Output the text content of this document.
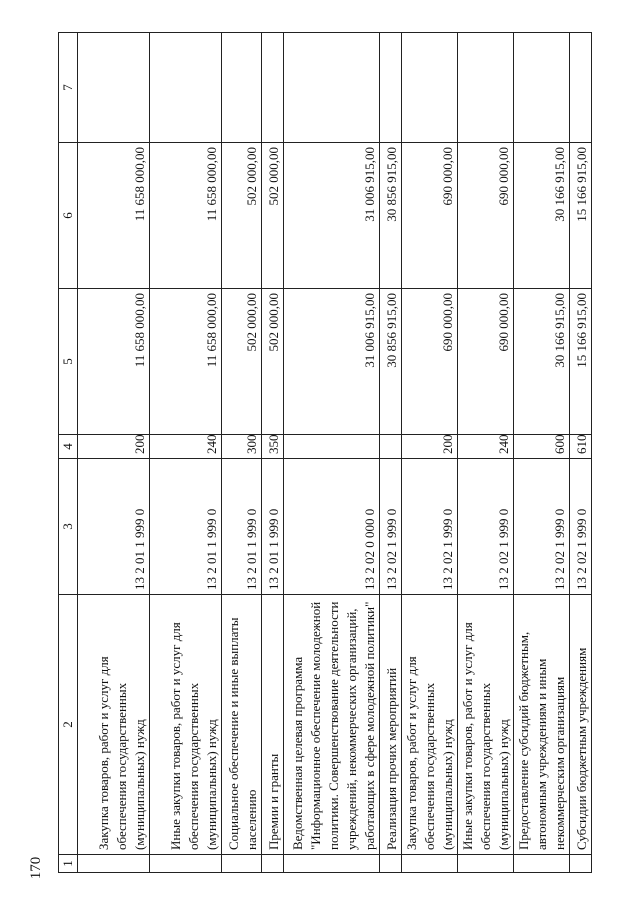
170	1	2	3	4	5	6	7
	Закупка товаров, работ и услуг для обеспечения государственных (муниципальных) нужд	13 2 01 1 999 0	200	11 658 000,00	11 658 000,00	
	Иные закупки товаров, работ и услуг для обеспечения государственных (муниципальных) нужд	13 2 01 1 999 0	240	11 658 000,00	11 658 000,00	
	Социальное обеспечение и иные выплаты населению	13 2 01 1 999 0	300	502 000,00	502 000,00	
	Премии и гранты	13 2 01 1 999 0	350	502 000,00	502 000,00	
	Ведомственная целевая программа "Информационное обеспечение молодежной политики. Совершенствование деятельности учреждений, некоммерческих организаций, работающих в сфере молодежной политики"	13 2 02 0 000 0		31 006 915,00	31 006 915,00	
	Реализация прочих мероприятий	13 2 02 1 999 0		30 856 915,00	30 856 915,00	
	Закупка товаров, работ и услуг для обеспечения государственных (муниципальных) нужд	13 2 02 1 999 0	200	690 000,00	690 000,00	
	Иные закупки товаров, работ и услуг для обеспечения государственных (муниципальных) нужд	13 2 02 1 999 0	240	690 000,00	690 000,00	
	Предоставление субсидий бюджетным, автономным учреждениям и иным некоммерческим организациям	13 2 02 1 999 0	600	30 166 915,00	30 166 915,00	
	Субсидии бюджетным учреждениям	13 2 02 1 999 0	610	15 166 915,00	15 166 915,00	
